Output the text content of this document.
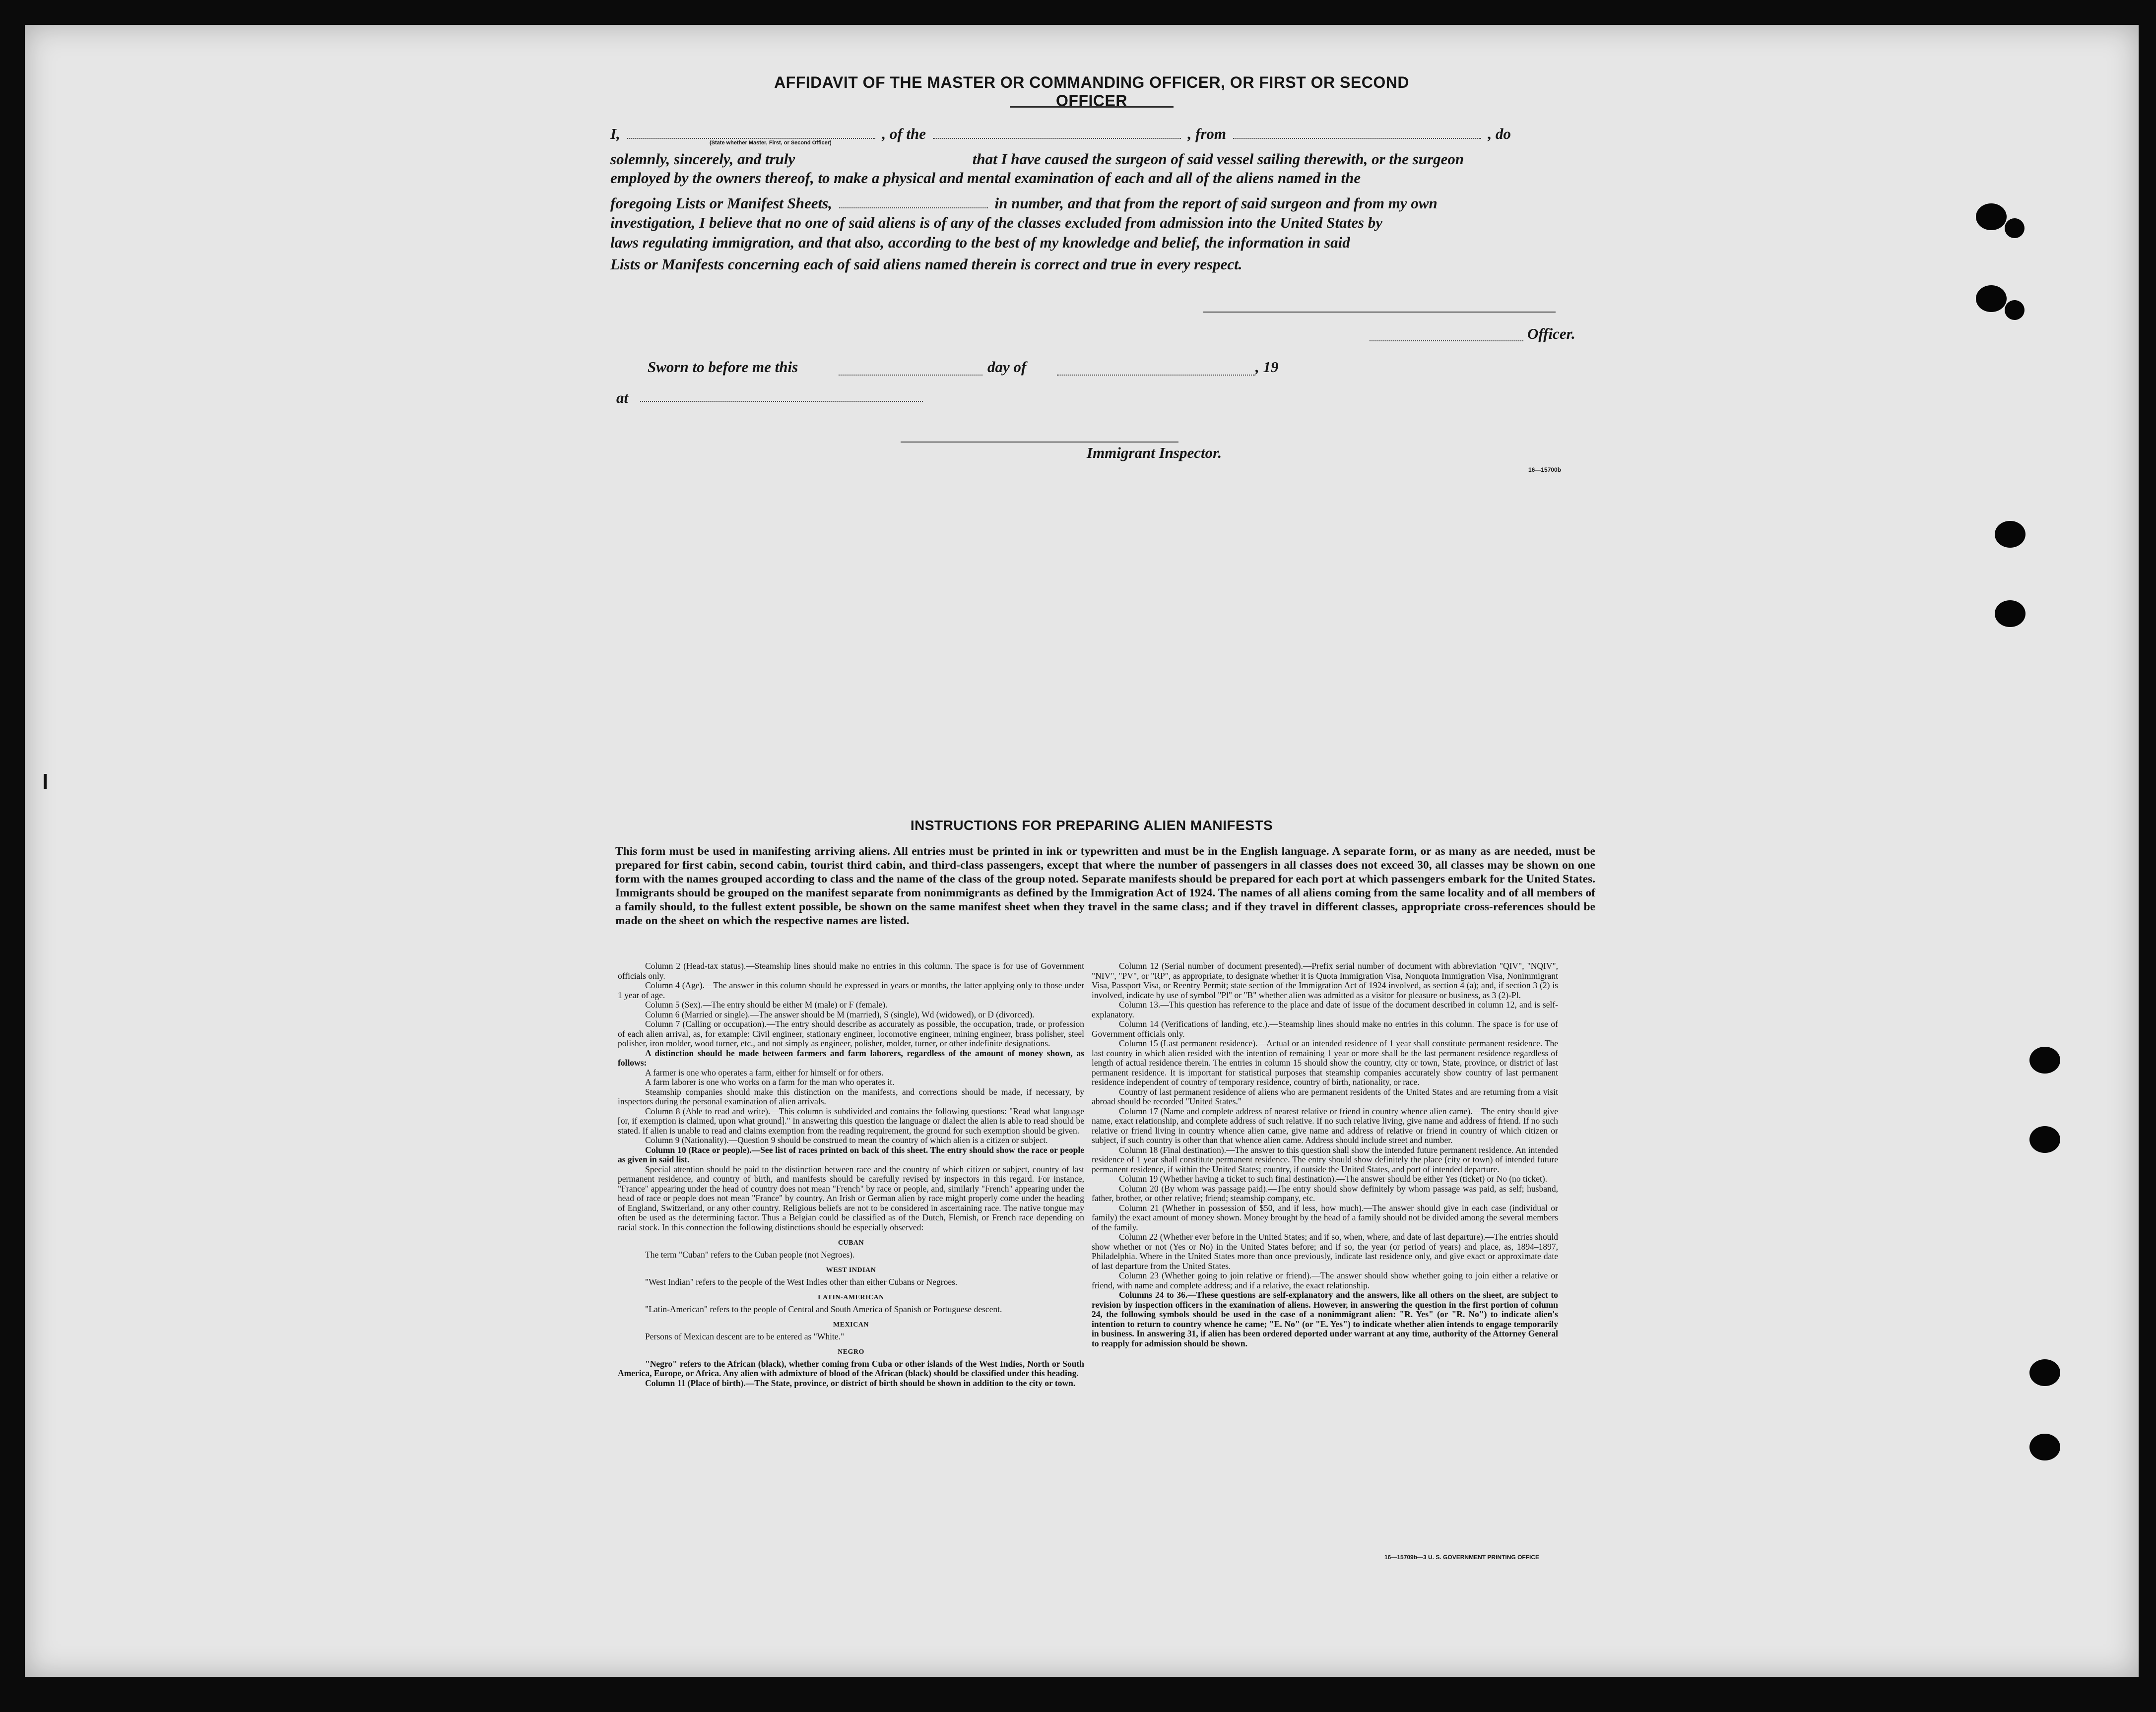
AFFIDAVIT OF THE MASTER OR COMMANDING OFFICER, OR FIRST OR SECOND OFFICER
I,	, of the	, from	, do
(State whether Master, First, or Second Officer)
solemnly, sincerely, and truly	that I have caused the surgeon of said vessel sailing therewith, or the surgeon
employed by the owners thereof, to make a physical and mental examination of each and all of the aliens named in the
foregoing Lists or Manifest Sheets,	in number, and that from the report of said surgeon and from my own
investigation, I believe that no one of said aliens is of any of the classes excluded from admission into the United States by
laws regulating immigration, and that also, according to the best of my knowledge and belief, the information in said
Lists or Manifests concerning each of said aliens named therein is correct and true in every respect.
Officer.
Sworn to before me this	day of	, 19
at
Immigrant Inspector.
16—15700b
INSTRUCTIONS FOR PREPARING ALIEN MANIFESTS

This form must be used in manifesting arriving aliens. All entries must be printed in ink or typewritten and must be in the English language. A separate form, or as many as are needed, must be prepared for first cabin, second cabin, tourist third cabin, and third-class passengers, except that where the number of passengers in all classes does not exceed 30, all classes may be shown on one form with the names grouped according to class and the name of the class of the group noted. Separate manifests should be prepared for each port at which passengers embark for the United States. Immigrants should be grouped on the manifest separate from nonimmigrants as defined by the Immigration Act of 1924. The names of all aliens coming from the same locality and of all members of a family should, to the fullest extent possible, be shown on the same manifest sheet when they travel in the same class; and if they travel in different classes, appropriate cross-references should be made on the sheet on which the respective names are listed.

Column 2 (Head-tax status).—Steamship lines should make no entries in this column. The space is for use of Government officials only.

Column 4 (Age).—The answer in this column should be expressed in years or months, the latter applying only to those under 1 year of age.

Column 5 (Sex).—The entry should be either M (male) or F (female).

Column 6 (Married or single).—The answer should be M (married), S (single), Wd (widowed), or D (divorced).

Column 7 (Calling or occupation).—The entry should describe as accurately as possible, the occupation, trade, or profession of each alien arrival, as, for example: Civil engineer, stationary engineer, locomotive engineer, mining engineer, brass polisher, steel polisher, iron molder, wood turner, etc., and not simply as engineer, polisher, molder, turner, or other indefinite designations.

A distinction should be made between farmers and farm laborers, regardless of the amount of money shown, as follows:

A farmer is one who operates a farm, either for himself or for others.

A farm laborer is one who works on a farm for the man who operates it.

Steamship companies should make this distinction on the manifests, and corrections should be made, if necessary, by inspectors during the personal examination of alien arrivals.

Column 8 (Able to read and write).—This column is subdivided and contains the following questions: "Read what language [or, if exemption is claimed, upon what ground]." In answering this question the language or dialect the alien is able to read should be stated. If alien is unable to read and claims exemption from the reading requirement, the ground for such exemption should be given.

Column 9 (Nationality).—Question 9 should be construed to mean the country of which alien is a citizen or subject.

Column 10 (Race or people).—See list of races printed on back of this sheet. The entry should show the race or people as given in said list.

Special attention should be paid to the distinction between race and the country of which citizen or subject, country of last permanent residence, and country of birth, and manifests should be carefully revised by inspectors in this regard. For instance, "France" appearing under the head of country does not mean "French" by race or people, and, similarly "French" appearing under the head of race or people does not mean "France" by country. An Irish or German alien by race might properly come under the heading of England, Switzerland, or any other country. Religious beliefs are not to be considered in ascertaining race. The native tongue may often be used as the determining factor. Thus a Belgian could be classified as of the Dutch, Flemish, or French race depending on racial stock. In this connection the following distinctions should be especially observed:

CUBAN

The term "Cuban" refers to the Cuban people (not Negroes).

WEST INDIAN

"West Indian" refers to the people of the West Indies other than either Cubans or Negroes.

LATIN-AMERICAN

"Latin-American" refers to the people of Central and South America of Spanish or Portuguese descent.

MEXICAN

Persons of Mexican descent are to be entered as "White."

NEGRO

"Negro" refers to the African (black), whether coming from Cuba or other islands of the West Indies, North or South America, Europe, or Africa. Any alien with admixture of blood of the African (black) should be classified under this heading.

Column 11 (Place of birth).—The State, province, or district of birth should be shown in addition to the city or town.

Column 12 (Serial number of document presented).—Prefix serial number of document with abbreviation "QIV", "NQIV", "NIV", "PV", or "RP", as appropriate, to designate whether it is Quota Immigration Visa, Nonquota Immigration Visa, Nonimmigrant Visa, Passport Visa, or Reentry Permit; state section of the Immigration Act of 1924 involved, as section 4 (a); and, if section 3 (2) is involved, indicate by use of symbol "Pl" or "B" whether alien was admitted as a visitor for pleasure or business, as 3 (2)-Pl.

Column 13.—This question has reference to the place and date of issue of the document described in column 12, and is self-explanatory.

Column 14 (Verifications of landing, etc.).—Steamship lines should make no entries in this column. The space is for use of Government officials only.

Column 15 (Last permanent residence).—Actual or an intended residence of 1 year shall constitute permanent residence. The last country in which alien resided with the intention of remaining 1 year or more shall be the last permanent residence regardless of length of actual residence therein. The entries in column 15 should show the country, city or town, State, province, or district of last permanent residence. It is important for statistical purposes that steamship companies accurately show country of last permanent residence independent of country of temporary residence, country of birth, nationality, or race.

Country of last permanent residence of aliens who are permanent residents of the United States and are returning from a visit abroad should be recorded "United States."

Column 17 (Name and complete address of nearest relative or friend in country whence alien came).—The entry should give name, exact relationship, and complete address of such relative. If no such relative living, give name and address of friend. If no such relative or friend living in country whence alien came, give name and address of relative or friend in country of which citizen or subject, if such country is other than that whence alien came. Address should include street and number.

Column 18 (Final destination).—The answer to this question shall show the intended future permanent residence. An intended residence of 1 year shall constitute permanent residence. The entry should show definitely the place (city or town) of intended future permanent residence, if within the United States; country, if outside the United States, and port of intended departure.

Column 19 (Whether having a ticket to such final destination).—The answer should be either Yes (ticket) or No (no ticket).

Column 20 (By whom was passage paid).—The entry should show definitely by whom passage was paid, as self; husband, father, brother, or other relative; friend; steamship company, etc.

Column 21 (Whether in possession of $50, and if less, how much).—The answer should give in each case (individual or family) the exact amount of money shown. Money brought by the head of a family should not be divided among the several members of the family.

Column 22 (Whether ever before in the United States; and if so, when, where, and date of last departure).—The entries should show whether or not (Yes or No) in the United States before; and if so, the year (or period of years) and place, as, 1894–1897, Philadelphia. Where in the United States more than once previously, indicate last residence only, and give exact or approximate date of last departure from the United States.

Column 23 (Whether going to join relative or friend).—The answer should show whether going to join either a relative or friend, with name and complete address; and if a relative, the exact relationship.

Columns 24 to 36.—These questions are self-explanatory and the answers, like all others on the sheet, are subject to revision by inspection officers in the examination of aliens. However, in answering the question in the first portion of column 24, the following symbols should be used in the case of a nonimmigrant alien: "R. Yes" (or "R. No") to indicate alien's intention to return to country whence he came; "E. No" (or "E. Yes") to indicate whether alien intends to engage temporarily in business. In answering 31, if alien has been ordered deported under warrant at any time, authority of the Attorney General to reapply for admission should be shown.

16—15709b—3 U. S. GOVERNMENT PRINTING OFFICE
